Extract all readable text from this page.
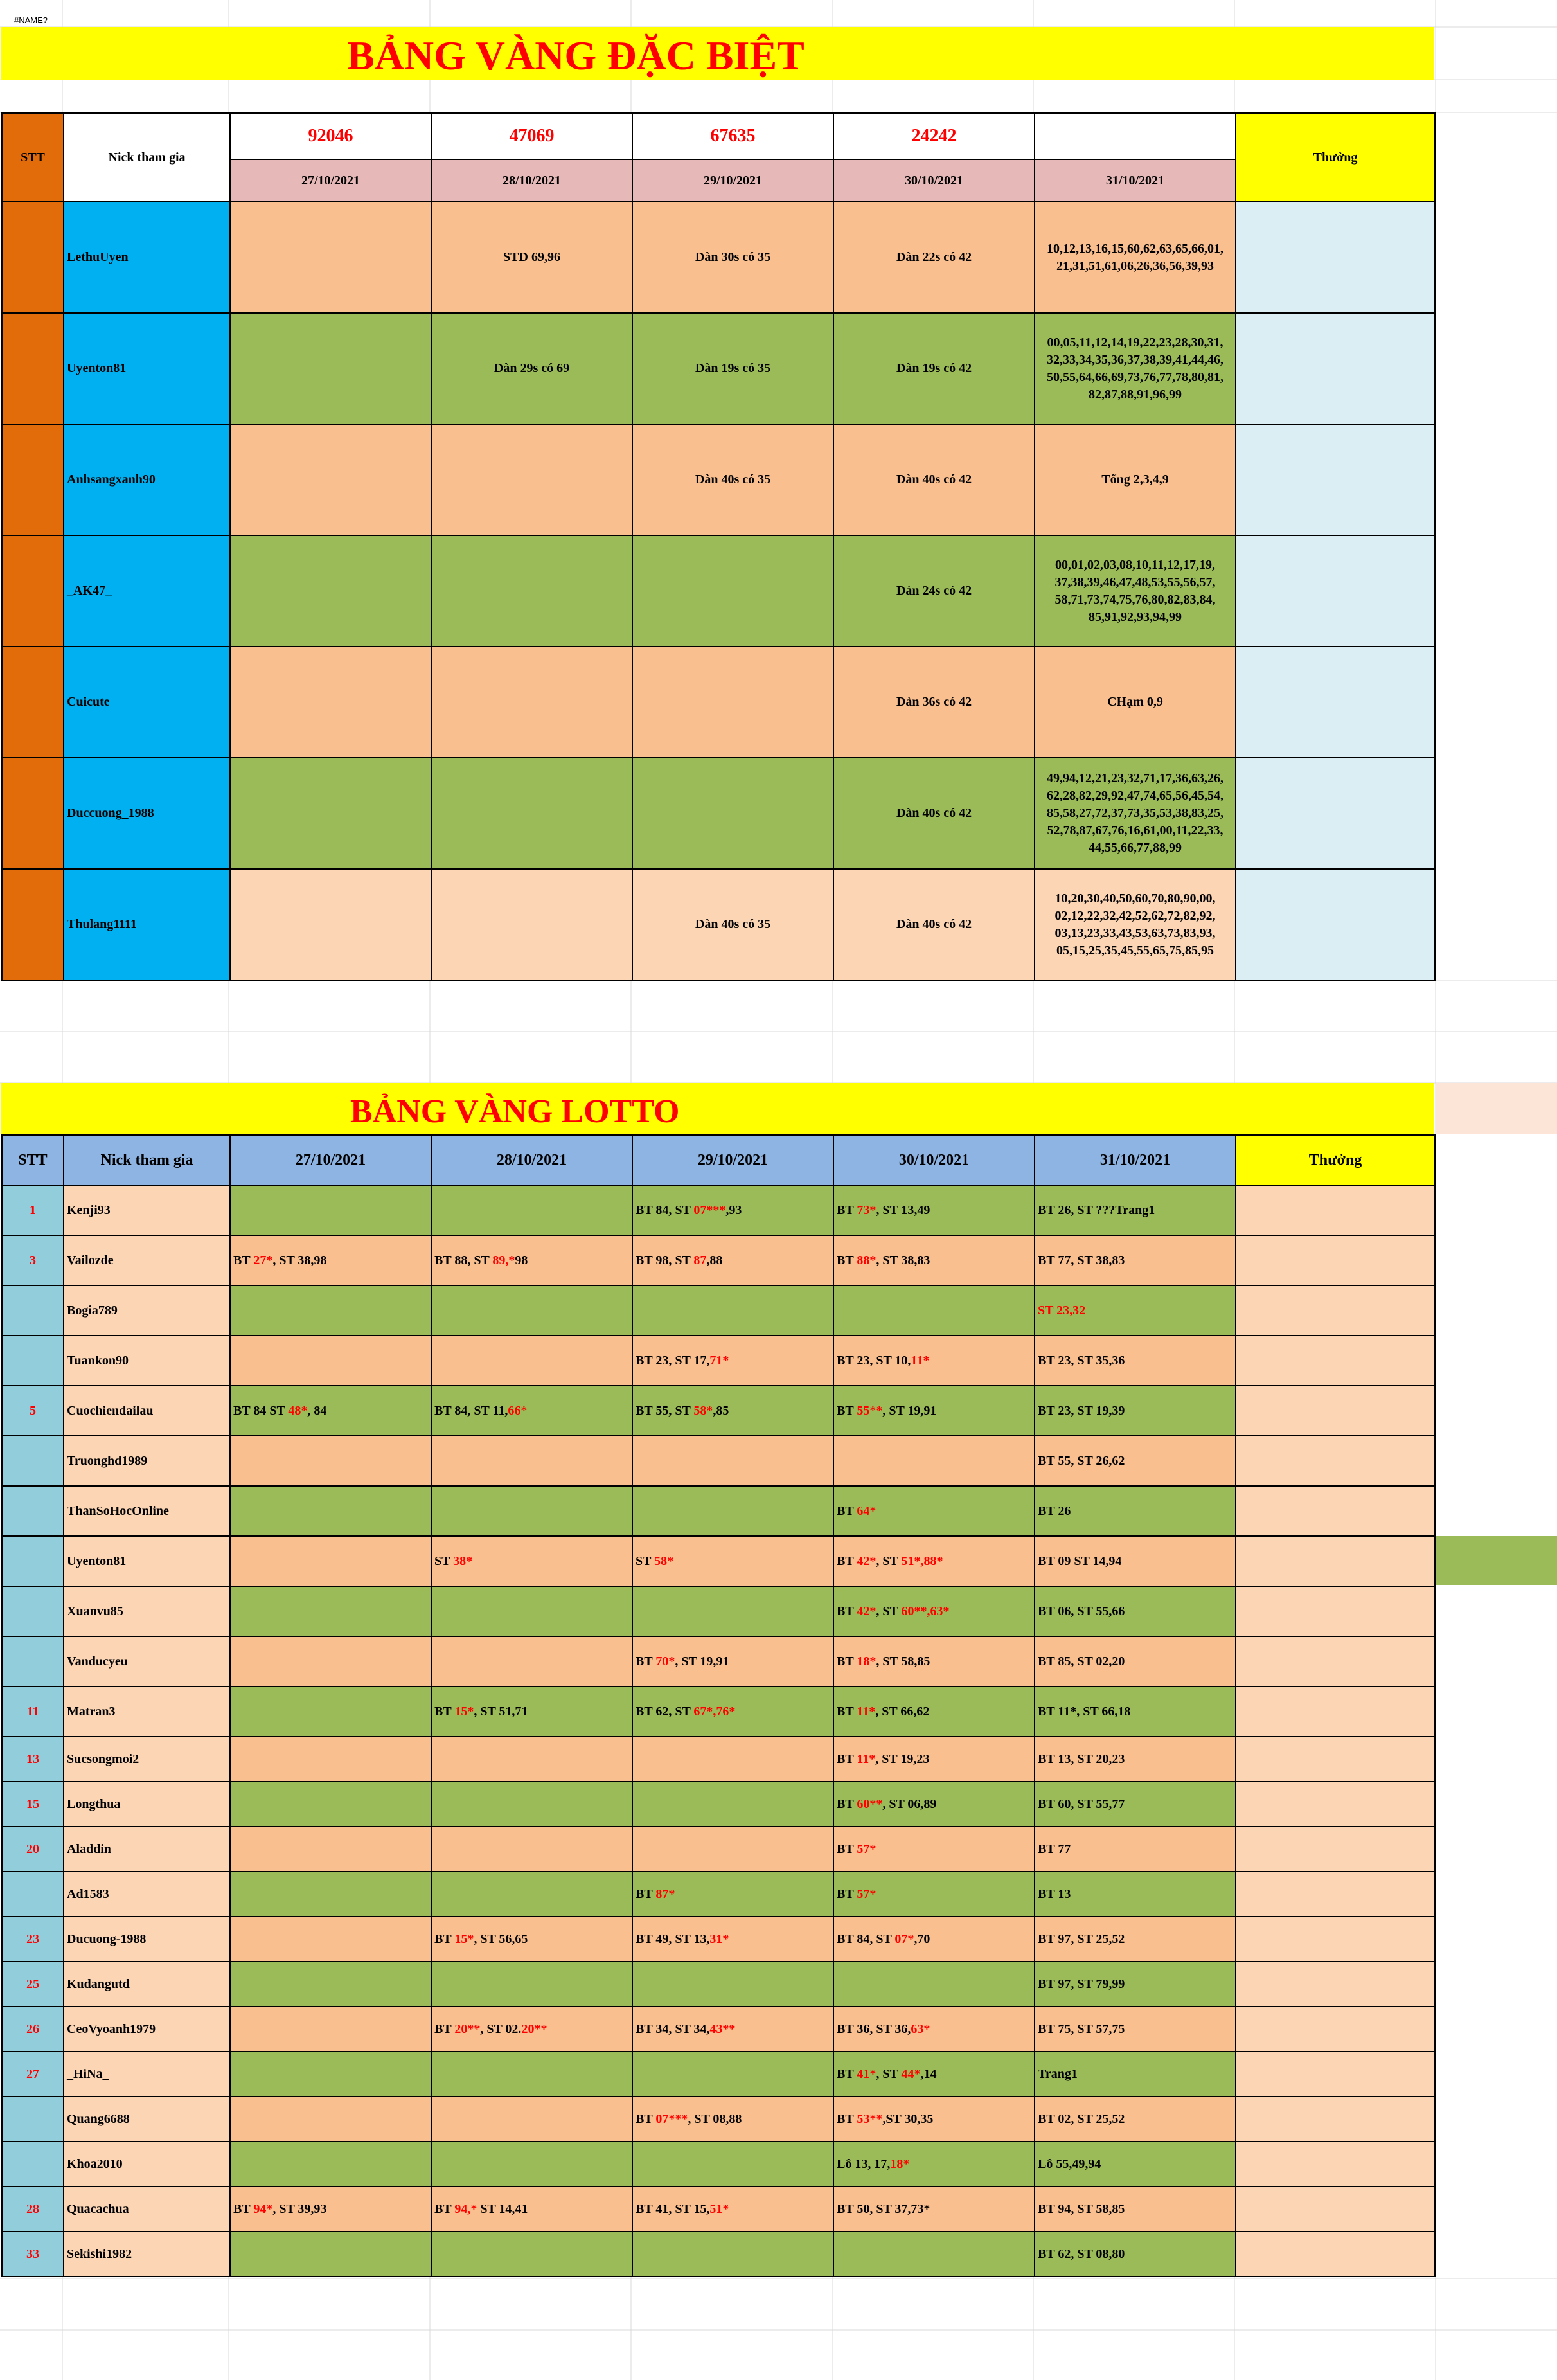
#NAME?
BẢNG VÀNG ĐẶC BIỆT
STT	Nick tham gia	92046	47069	67635	24242		Thưởng
		27/10/2021	28/10/2021	29/10/2021	30/10/2021	31/10/2021	
	LethuUyen		STD 69,96	Dàn 30s có 35	Dàn 22s có 42	10,12,13,16,15,60,62,63,65,66,01,
21,31,51,61,06,26,36,56,39,93	
	Uyenton81		Dàn 29s có 69	Dàn 19s có 35	Dàn 19s có 42	00,05,11,12,14,19,22,23,28,30,31,
32,33,34,35,36,37,38,39,41,44,46,
50,55,64,66,69,73,76,77,78,80,81,
82,87,88,91,96,99	
	Anhsangxanh90			Dàn 40s có 35	Dàn 40s có 42	Tổng 2,3,4,9	
	_AK47_				Dàn 24s có 42	00,01,02,03,08,10,11,12,17,19,
37,38,39,46,47,48,53,55,56,57,
58,71,73,74,75,76,80,82,83,84,
85,91,92,93,94,99	
	Cuicute				Dàn 36s có 42	CHạm 0,9	
	Duccuong_1988				Dàn 40s có 42	49,94,12,21,23,32,71,17,36,63,26,
62,28,82,29,92,47,74,65,56,45,54,
85,58,27,72,37,73,35,53,38,83,25,
52,78,87,67,76,16,61,00,11,22,33,
44,55,66,77,88,99	
	Thulang1111			Dàn 40s có 35	Dàn 40s có 42	10,20,30,40,50,60,70,80,90,00,
02,12,22,32,42,52,62,72,82,92,
03,13,23,33,43,53,63,73,83,93,
05,15,25,35,45,55,65,75,85,95	
BẢNG VÀNG LOTTO
STT	Nick tham gia	27/10/2021	28/10/2021	29/10/2021	30/10/2021	31/10/2021	Thưởng
1	Kenji93			BT 84, ST 07***,93	BT 73*, ST 13,49	BT 26, ST ???Trang1	
3	Vailozde	BT 27*, ST 38,98	BT 88, ST 89,*98	BT 98, ST 87,88	BT 88*, ST 38,83	BT 77, ST 38,83	
	Bogia789					ST 23,32	
	Tuankon90			BT 23, ST 17,71*	BT 23, ST 10,11*	BT 23, ST 35,36	
5	Cuochiendailau	BT 84 ST 48*, 84	BT 84, ST 11,66*	BT 55, ST 58*,85	BT 55**, ST 19,91	BT 23, ST 19,39	
	Truonghd1989					BT 55, ST 26,62	
	ThanSoHocOnline				BT 64*	BT 26	
	Uyenton81		ST 38*	ST 58*	BT 42*, ST 51*,88*	BT 09 ST 14,94	
	Xuanvu85				BT 42*, ST 60**,63*	BT 06, ST 55,66	
	Vanducyeu			BT 70*, ST 19,91	BT 18*, ST 58,85	BT 85, ST 02,20	
11	Matran3		BT 15*, ST 51,71	BT 62, ST 67*,76*	BT 11*, ST 66,62	BT 11*, ST 66,18	
13	Sucsongmoi2				BT 11*, ST 19,23	BT 13, ST 20,23	
15	Longthua				BT 60**, ST 06,89	BT 60, ST 55,77	
20	Aladdin				BT 57*	BT 77	
	Ad1583			BT 87*	BT 57*	BT 13	
23	Ducuong-1988		BT 15*, ST 56,65	BT 49, ST 13,31*	BT 84, ST 07*,70	BT 97, ST 25,52	
25	Kudangutd					BT 97, ST 79,99	
26	CeoVyoanh1979		BT 20**, ST 02.20**	BT 34, ST 34,43**	BT 36, ST 36,63*	BT 75, ST 57,75	
27	_HiNa_				BT 41*, ST 44*,14	Trang1	
	Quang6688			BT 07***, ST 08,88	BT 53**,ST 30,35	BT 02, ST 25,52	
	Khoa2010				Lô 13, 17,18*	Lô 55,49,94	
28	Quacachua	BT 94*, ST 39,93	BT 94,* ST 14,41	BT 41, ST 15,51*	BT 50, ST 37,73*	BT 94, ST 58,85	
33	Sekishi1982					BT 62, ST 08,80	
